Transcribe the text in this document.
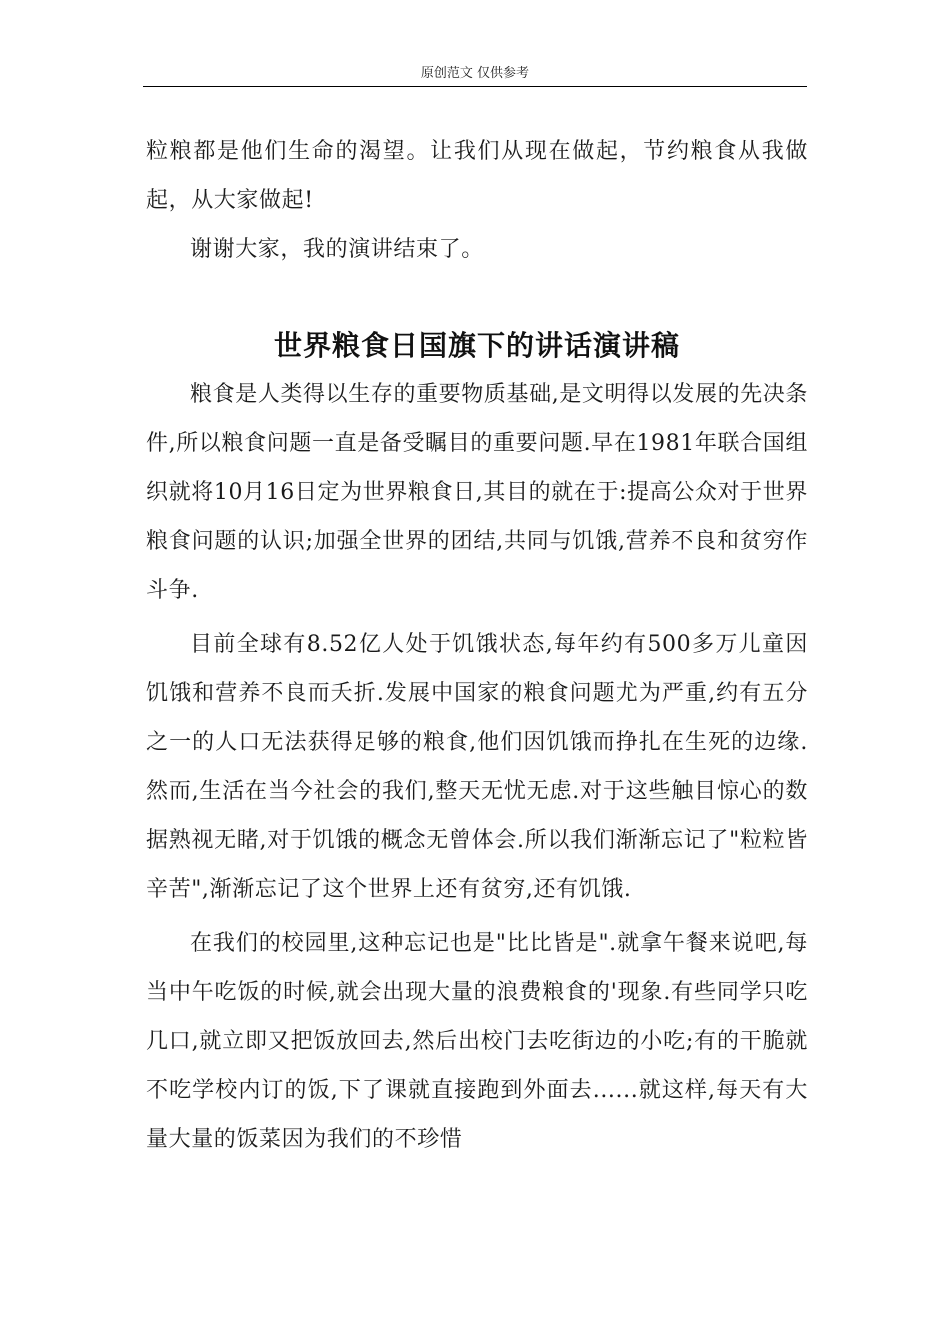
原创范文 仅供参考

粒粮都是他们生命的渴望。让我们从现在做起，节约粮食从我做起，从大家做起!

谢谢大家，我的演讲结束了。

世界粮食日国旗下的讲话演讲稿

粮食是人类得以生存的重要物质基础,是文明得以发展的先决条件,所以粮食问题一直是备受瞩目的重要问题.早在1981年联合国组织就将10月16日定为世界粮食日,其目的就在于:提高公众对于世界粮食问题的认识;加强全世界的团结,共同与饥饿,营养不良和贫穷作斗争.

目前全球有8.52亿人处于饥饿状态,每年约有500多万儿童因饥饿和营养不良而夭折.发展中国家的粮食问题尤为严重,约有五分之一的人口无法获得足够的粮食,他们因饥饿而挣扎在生死的边缘.然而,生活在当今社会的我们,整天无忧无虑.对于这些触目惊心的数据熟视无睹,对于饥饿的概念无曾体会.所以我们渐渐忘记了"粒粒皆辛苦",渐渐忘记了这个世界上还有贫穷,还有饥饿.

在我们的校园里,这种忘记也是"比比皆是".就拿午餐来说吧,每当中午吃饭的时候,就会出现大量的浪费粮食的'现象.有些同学只吃几口,就立即又把饭放回去,然后出校门去吃街边的小吃;有的干脆就不吃学校内订的饭,下了课就直接跑到外面去......就这样,每天有大量大量的饭菜因为我们的不珍惜
